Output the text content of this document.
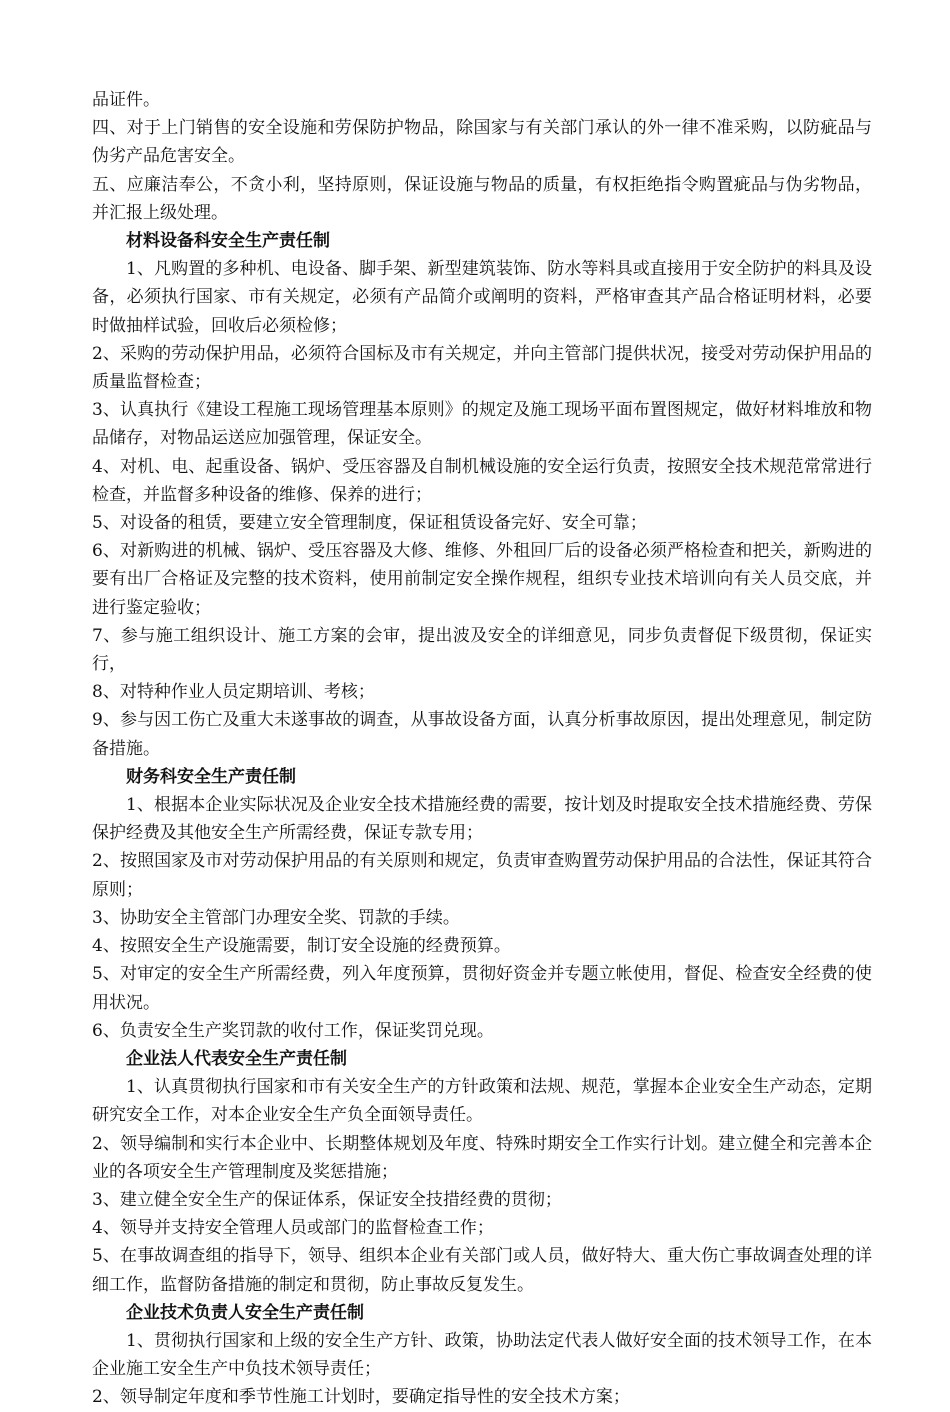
品证件。
四、对于上门销售的安全设施和劳保防护物品，除国家与有关部门承认的外一律不准采购，以防疵品与伪劣产品危害安全。
五、应廉洁奉公，不贪小利，坚持原则，保证设施与物品的质量，有权拒绝指令购置疵品与伪劣物品，并汇报上级处理。
材料设备科安全生产责任制
1、凡购置的多种机、电设备、脚手架、新型建筑装饰、防水等料具或直接用于安全防护的料具及设备，必须执行国家、市有关规定，必须有产品简介或阐明的资料，严格审查其产品合格证明材料，必要时做抽样试验，回收后必须检修；
2、采购的劳动保护用品，必须符合国标及市有关规定，并向主管部门提供状况，接受对劳动保护用品的质量监督检查；
3、认真执行《建设工程施工现场管理基本原则》的规定及施工现场平面布置图规定，做好材料堆放和物品储存，对物品运送应加强管理，保证安全。
4、对机、电、起重设备、锅炉、受压容器及自制机械设施的安全运行负责，按照安全技术规范常常进行检查，并监督多种设备的维修、保养的进行；
5、对设备的租赁，要建立安全管理制度，保证租赁设备完好、安全可靠；
6、对新购进的机械、锅炉、受压容器及大修、维修、外租回厂后的设备必须严格检查和把关，新购进的要有出厂合格证及完整的技术资料，使用前制定安全操作规程，组织专业技术培训向有关人员交底，并进行鉴定验收；
7、参与施工组织设计、施工方案的会审，提出波及安全的详细意见，同步负责督促下级贯彻，保证实行，
8、对特种作业人员定期培训、考核；
9、参与因工伤亡及重大未遂事故的调查，从事故设备方面，认真分析事故原因，提出处理意见，制定防备措施。
财务科安全生产责任制
1、根据本企业实际状况及企业安全技术措施经费的需要，按计划及时提取安全技术措施经费、劳保保护经费及其他安全生产所需经费，保证专款专用；
2、按照国家及市对劳动保护用品的有关原则和规定，负责审查购置劳动保护用品的合法性，保证其符合原则；
3、协助安全主管部门办理安全奖、罚款的手续。
4、按照安全生产设施需要，制订安全设施的经费预算。
5、对审定的安全生产所需经费，列入年度预算，贯彻好资金并专题立帐使用，督促、检查安全经费的使用状况。
6、负责安全生产奖罚款的收付工作，保证奖罚兑现。
企业法人代表安全生产责任制
1、认真贯彻执行国家和市有关安全生产的方针政策和法规、规范，掌握本企业安全生产动态，定期研究安全工作，对本企业安全生产负全面领导责任。
2、领导编制和实行本企业中、长期整体规划及年度、特殊时期安全工作实行计划。建立健全和完善本企业的各项安全生产管理制度及奖惩措施；
3、建立健全安全生产的保证体系，保证安全技措经费的贯彻；
4、领导并支持安全管理人员或部门的监督检查工作；
5、在事故调查组的指导下，领导、组织本企业有关部门或人员，做好特大、重大伤亡事故调查处理的详细工作，监督防备措施的制定和贯彻，防止事故反复发生。
企业技术负责人安全生产责任制
1、贯彻执行国家和上级的安全生产方针、政策，协助法定代表人做好安全面的技术领导工作，在本企业施工安全生产中负技术领导责任；
2、领导制定年度和季节性施工计划时，要确定指导性的安全技术方案；
